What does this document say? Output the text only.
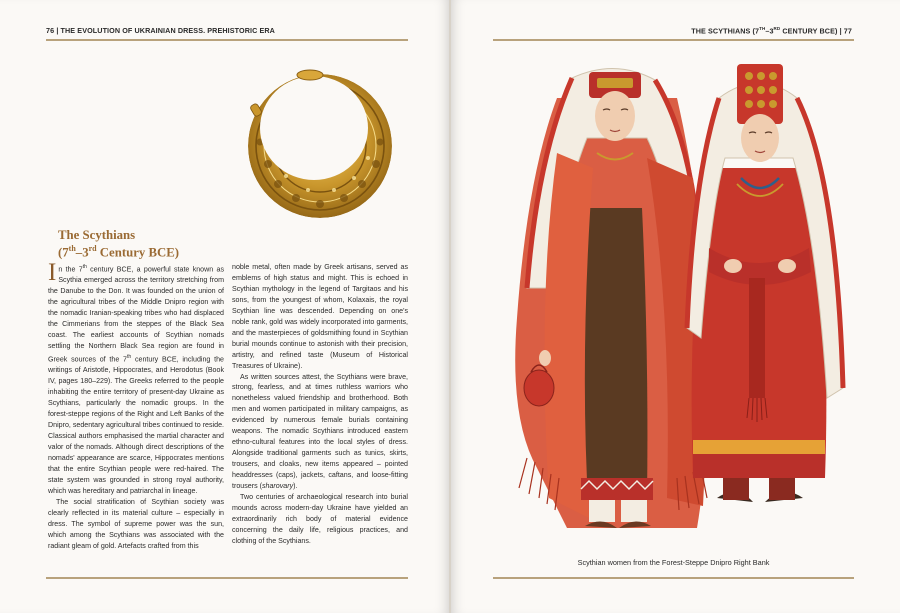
76 | THE EVOLUTION OF UKRAINIAN DRESS. PREHISTORIC ERA
The Scythians
(7th–3rd Century BCE)

In the 7th century BCE, a powerful state known as Scythia emerged across the territory stretching from the Danube to the Don. It was founded on the union of the agricultural tribes of the Middle Dnipro region with the nomadic Iranian-speaking tribes who had displaced the Cimmerians from the steppes of the Black Sea coast. The earliest accounts of Scythian nomads settling the Northern Black Sea region are found in Greek sources of the 7th century BCE, including the writings of Aristotle, Hippocrates, and Herodotus (Book IV, pages 180–229). The Greeks referred to the people inhabiting the entire territory of present-day Ukraine as Scythians, particularly the nomadic groups. In the forest-steppe regions of the Right and Left Banks of the Dnipro, sedentary agricultural tribes continued to reside. Classical authors emphasised the martial character and valor of the nomads. Although direct descriptions of the nomads' appearance are scarce, Hippocrates mentions that the entire Scythian people were red-haired. The state system was grounded in strong royal authority, which was hereditary and patriarchal in lineage.

The social stratification of Scythian society was clearly reflected in its material culture – especially in dress. The symbol of supreme power was the sun, which among the Scythians was associated with the radiant gleam of gold. Artefacts crafted from this

noble metal, often made by Greek artisans, served as emblems of high status and might. This is echoed in Scythian mythology in the legend of Targitaos and his sons, from the youngest of whom, Kolaxais, the royal Scythian line was descended. Depending on one's noble rank, gold was widely incorporated into garments, and the masterpieces of goldsmithing found in Scythian burial mounds continue to astonish with their precision, artistry, and refined taste (Museum of Historical Treasures of Ukraine).

As written sources attest, the Scythians were brave, strong, fearless, and at times ruthless warriors who nonetheless valued friendship and brotherhood. Both men and women participated in military campaigns, as evidenced by numerous female burials containing weapons. The nomadic Scythians introduced eastern ethno-cultural features into the local styles of dress. Alongside traditional garments such as tunics, skirts, trousers, and cloaks, new items appeared – pointed headdresses (caps), jackets, caftans, and loose-fitting trousers (sharovary).

Two centuries of archaeological research into burial mounds across modern-day Ukraine have yielded an extraordinarily rich body of material evidence concerning the daily life, religious practices, and clothing of the Scythians.

THE SCYTHIANS (7TH–3RD CENTURY BCE) | 77
Scythian women from the Forest-Steppe Dnipro Right Bank
